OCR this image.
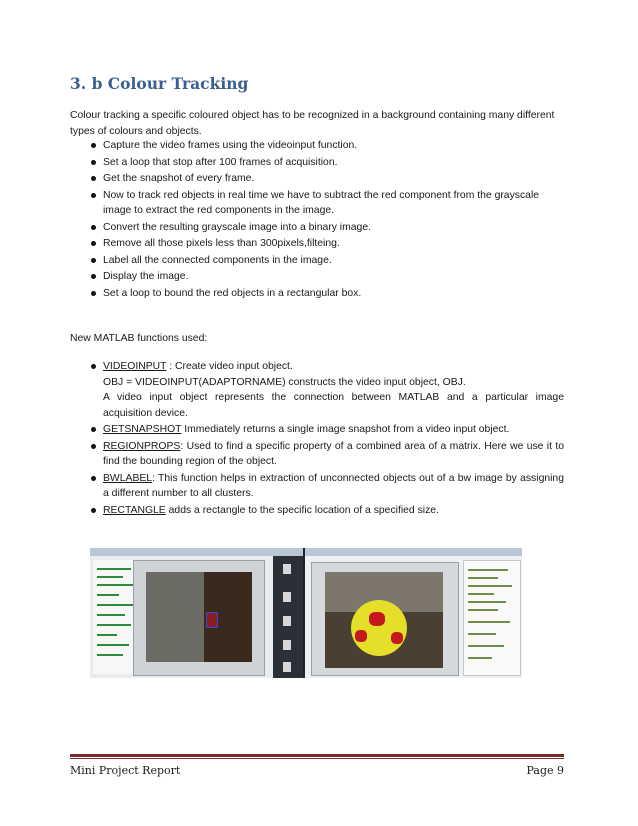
3. b Colour Tracking

Colour tracking a specific coloured object has to be recognized in a background containing many different types of colours and objects.

Capture the video frames using the videoinput function.
Set a loop that stop after 100 frames of acquisition.
Get the snapshot of every frame.
Now to track red objects in real time we have to subtract the red component from the grayscale image to extract the red components in the image.
Convert the resulting grayscale image into a binary image.
Remove all those pixels less than 300pixels,filteing.
Label all the connected components in the image.
Display the image.
Set a loop to bound the red objects in a rectangular box.

New MATLAB functions used:

VIDEOINPUT : Create video input object.
OBJ = VIDEOINPUT(ADAPTORNAME) constructs the video input object, OBJ.
A video input object represents the connection between MATLAB and a particular image
acquisition device.
GETSNAPSHOT Immediately returns a single image snapshot from a video input object.
REGIONPROPS: Used to find a specific property of a combined area of a matrix. Here we use it to find the bounding region of the object.
BWLABEL: This function helps in extraction of unconnected objects out of a bw image by assigning a different number to all clusters.
RECTANGLE adds a rectangle to the specific location of a specified size.

Mini Project Report	Page 9
